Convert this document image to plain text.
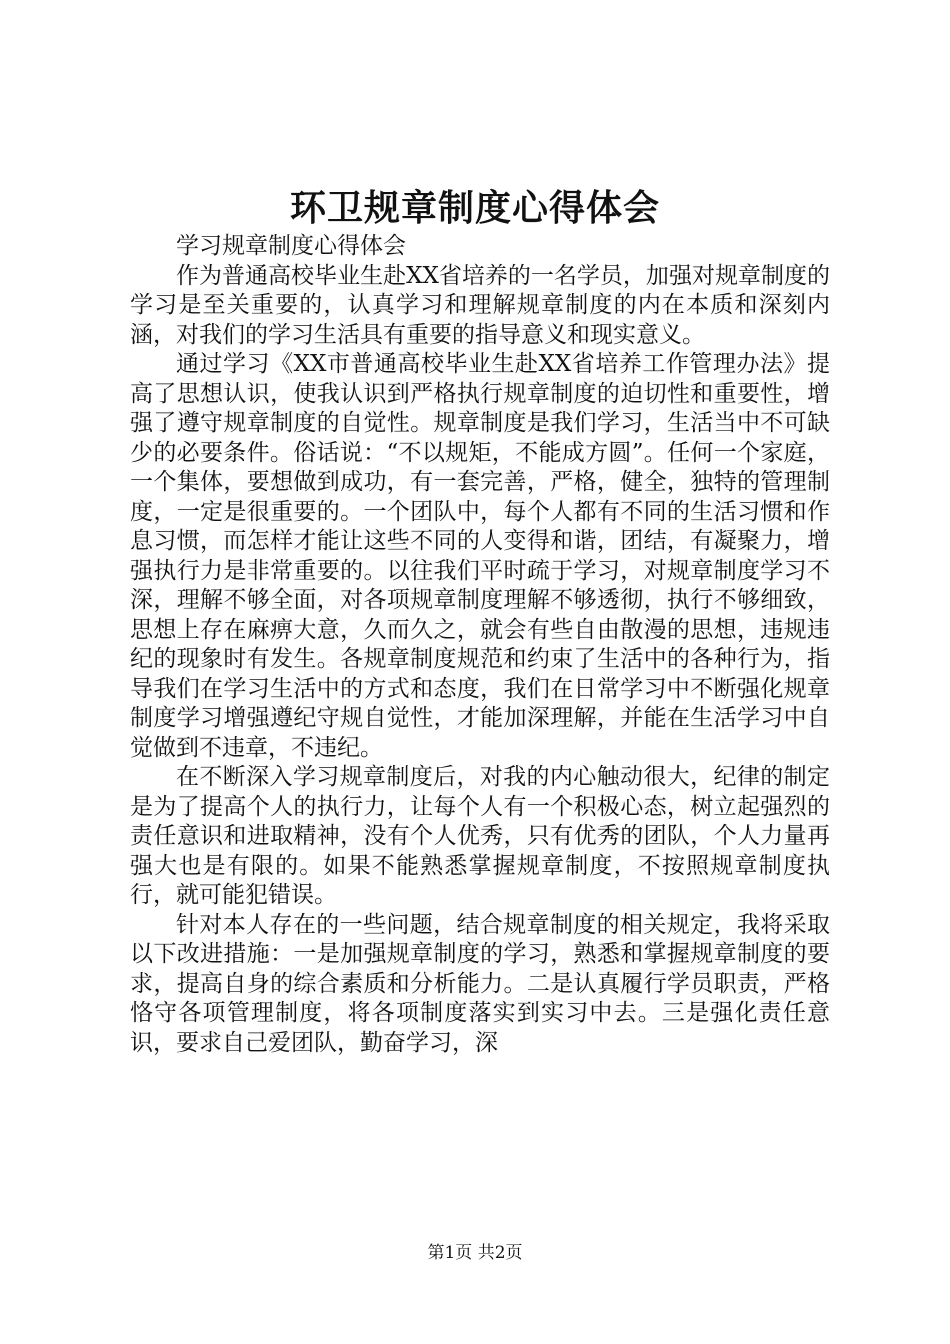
环卫规章制度心得体会

学习规章制度心得体会

作为普通高校毕业生赴XX省培养的一名学员，加强对规章制度的学习是至关重要的，认真学习和理解规章制度的内在本质和深刻内涵，对我们的学习生活具有重要的指导意义和现实意义。

通过学习《XX市普通高校毕业生赴XX省培养工作管理办法》提高了思想认识，使我认识到严格执行规章制度的迫切性和重要性，增强了遵守规章制度的自觉性。规章制度是我们学习，生活当中不可缺少的必要条件。俗话说：“不以规矩，不能成方圆”。任何一个家庭，一个集体，要想做到成功，有一套完善，严格，健全，独特的管理制度，一定是很重要的。一个团队中，每个人都有不同的生活习惯和作息习惯，而怎样才能让这些不同的人变得和谐，团结，有凝聚力，增强执行力是非常重要的。以往我们平时疏于学习，对规章制度学习不深，理解不够全面，对各项规章制度理解不够透彻，执行不够细致，思想上存在麻痹大意，久而久之，就会有些自由散漫的思想，违规违纪的现象时有发生。各规章制度规范和约束了生活中的各种行为，指导我们在学习生活中的方式和态度，我们在日常学习中不断强化规章制度学习增强遵纪守规自觉性，才能加深理解，并能在生活学习中自觉做到不违章，不违纪。

在不断深入学习规章制度后，对我的内心触动很大，纪律的制定是为了提高个人的执行力，让每个人有一个积极心态，树立起强烈的责任意识和进取精神，没有个人优秀，只有优秀的团队，个人力量再强大也是有限的。如果不能熟悉掌握规章制度，不按照规章制度执行，就可能犯错误。

针对本人存在的一些问题，结合规章制度的相关规定，我将采取以下改进措施：一是加强规章制度的学习，熟悉和掌握规章制度的要求，提高自身的综合素质和分析能力。二是认真履行学员职责，严格恪守各项管理制度，将各项制度落实到实习中去。三是强化责任意识，要求自己爱团队，勤奋学习，深

第1页 共2页
